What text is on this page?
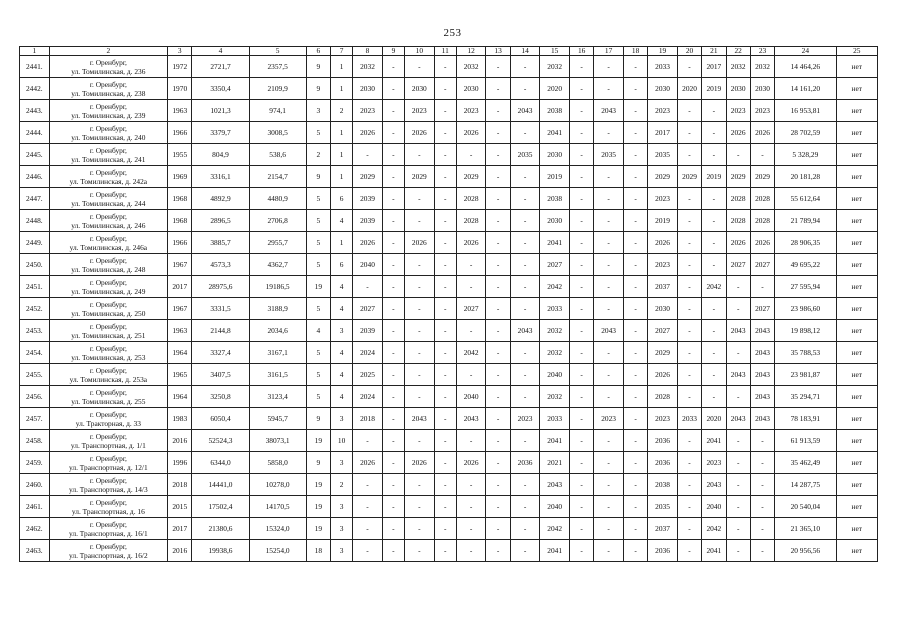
253
1	2	3	4	5	6	7	8	9	10	11	12	13	14	15	16	17	18	19	20	21	22	23	24	25
2441.	г. Оренбург,
ул. Томилинская, д. 236	1972	2721,7	2357,5	9	1	2032	-	-	-	2032	-	-	2032	-	-	-	2033	-	2017	2032	2032	14 464,26	нет
2442.	г. Оренбург,
ул. Томилинская, д. 238	1970	3350,4	2109,9	9	1	2030	-	2030	-	2030	-	-	2020	-	-	-	2030	2020	2019	2030	2030	14 161,20	нет
2443.	г. Оренбург,
ул. Томилинская, д. 239	1963	1021,3	974,1	3	2	2023	-	2023	-	2023	-	2043	2038	-	2043	-	2023	-	-	2023	2023	16 953,81	нет
2444.	г. Оренбург,
ул. Томилинская, д. 240	1966	3379,7	3008,5	5	1	2026	-	2026	-	2026	-	-	2041	-	-	-	2017	-	-	2026	2026	28 702,59	нет
2445.	г. Оренбург,
ул. Томилинская, д. 241	1955	804,9	538,6	2	1	-	-	-	-	-	-	2035	2030	-	2035	-	2035	-	-	-	-	5 328,29	нет
2446.	г. Оренбург,
ул. Томилинская, д. 242а	1969	3316,1	2154,7	9	1	2029	-	2029	-	2029	-	-	2019	-	-	-	2029	2029	2019	2029	2029	20 181,28	нет
2447.	г. Оренбург,
ул. Томилинская, д. 244	1968	4892,9	4480,9	5	6	2039	-	-	-	2028	-	-	2038	-	-	-	2023	-	-	2028	2028	55 612,64	нет
2448.	г. Оренбург,
ул. Томилинская, д. 246	1968	2896,5	2706,8	5	4	2039	-	-	-	2028	-	-	2030	-	-	-	2019	-	-	2028	2028	21 789,94	нет
2449.	г. Оренбург,
ул. Томилинская, д. 246а	1966	3885,7	2955,7	5	1	2026	-	2026	-	2026	-	-	2041	-	-	-	2026	-	-	2026	2026	28 906,35	нет
2450.	г. Оренбург,
ул. Томилинская, д. 248	1967	4573,3	4362,7	5	6	2040	-	-	-	-	-	-	2027	-	-	-	2023	-	-	2027	2027	49 695,22	нет
2451.	г. Оренбург,
ул. Томилинская, д. 249	2017	28975,6	19186,5	19	4	-	-	-	-	-	-	-	2042	-	-	-	2037	-	2042	-	-	27 595,94	нет
2452.	г. Оренбург,
ул. Томилинская, д. 250	1967	3331,5	3188,9	5	4	2027	-	-	-	2027	-	-	2033	-	-	-	2030	-	-	-	2027	23 986,60	нет
2453.	г. Оренбург,
ул. Томилинская, д. 251	1963	2144,8	2034,6	4	3	2039	-	-	-	-	-	2043	2032	-	2043	-	2027	-	-	2043	2043	19 898,12	нет
2454.	г. Оренбург,
ул. Томилинская, д. 253	1964	3327,4	3167,1	5	4	2024	-	-	-	2042	-	-	2032	-	-	-	2029	-	-	-	2043	35 788,53	нет
2455.	г. Оренбург,
ул. Томилинская, д. 253а	1965	3407,5	3161,5	5	4	2025	-	-	-	-	-	-	2040	-	-	-	2026	-	-	2043	2043	23 981,87	нет
2456.	г. Оренбург,
ул. Томилинская, д. 255	1964	3250,8	3123,4	5	4	2024	-	-	-	2040	-	-	2032	-	-	-	2028	-	-	-	2043	35 294,71	нет
2457.	г. Оренбург,
ул. Тракторная, д. 33	1983	6050,4	5945,7	9	3	2018	-	2043	-	2043	-	2023	2033	-	2023	-	2023	2033	2020	2043	2043	78 183,91	нет
2458.	г. Оренбург,
ул. Транспортная, д. 1/1	2016	52524,3	38073,1	19	10	-	-	-	-	-	-	-	2041	-	-	-	2036	-	2041	-	-	61 913,59	нет
2459.	г. Оренбург,
ул. Транспортная, д. 12/1	1996	6344,0	5858,0	9	3	2026	-	2026	-	2026	-	2036	2021	-	-	-	2036	-	2023	-	-	35 462,49	нет
2460.	г. Оренбург,
ул. Транспортная, д. 14/3	2018	14441,0	10278,0	19	2	-	-	-	-	-	-	-	2043	-	-	-	2038	-	2043	-	-	14 287,75	нет
2461.	г. Оренбург,
ул. Транспортная, д. 16	2015	17502,4	14170,5	19	3	-	-	-	-	-	-	-	2040	-	-	-	2035	-	2040	-	-	20 540,04	нет
2462.	г. Оренбург,
ул. Транспортная, д. 16/1	2017	21380,6	15324,0	19	3	-	-	-	-	-	-	-	2042	-	-	-	2037	-	2042	-	-	21 365,10	нет
2463.	г. Оренбург,
ул. Транспортная, д. 16/2	2016	19938,6	15254,0	18	3	-	-	-	-	-	-	-	2041	-	-	-	2036	-	2041	-	-	20 956,56	нет
